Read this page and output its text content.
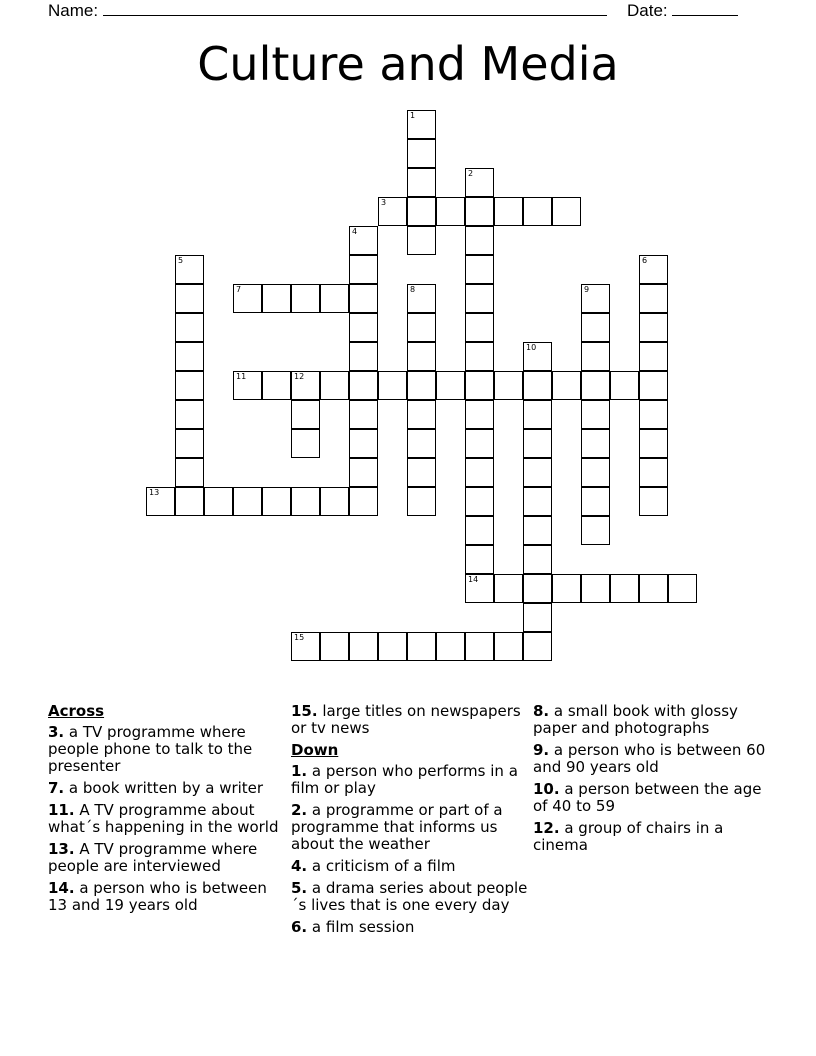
Name:	Date:
Culture and Media
1
2
3
4
5	6
7	8	9
10
11	12
13
14
15
Across
3. a TV programme where people phone to talk to the presenter
7. a book written by a writer
11. A TV programme about what´s happening in the world
13. A TV programme where people are interviewed
14. a person who is between 13 and 19 years old
15. large titles on newspapers or tv news
Down
1. a person who performs in a film or play
2. a programme or part of a programme that informs us about the weather
4. a criticism of a film
5. a drama series about people´s lives that is one every day
6. a film session
8. a small book with glossy paper and photographs
9. a person who is between 60 and 90 years old
10. a person between the age of 40 to 59
12. a group of chairs in a cinema
